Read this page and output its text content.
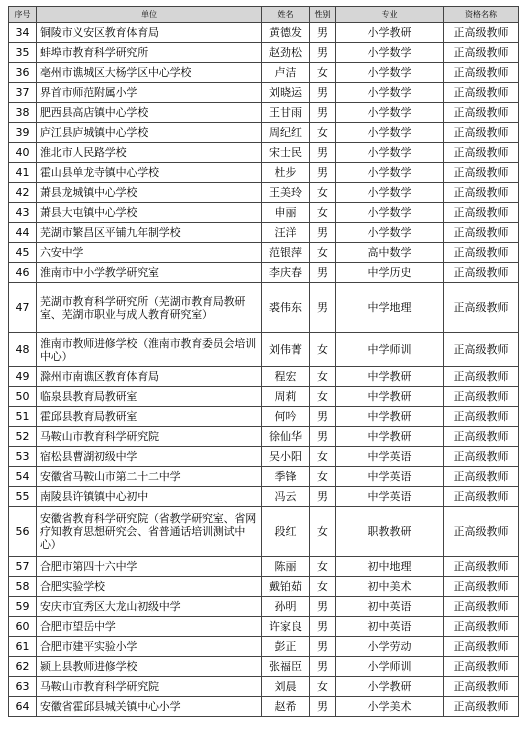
序号	单位	姓名	性别	专业	资格名称
34	铜陵市义安区教育体育局	黄德发	男	小学教研	正高级教师
35	蚌埠市教育科学研究所	赵劲松	男	小学数学	正高级教师
36	亳州市谯城区大杨学区中心学校	卢洁	女	小学数学	正高级教师
37	界首市师范附属小学	刘晓运	男	小学数学	正高级教师
38	肥西县高店镇中心学校	王甘雨	男	小学数学	正高级教师
39	庐江县庐城镇中心学校	周纪红	女	小学数学	正高级教师
40	淮北市人民路学校	宋士民	男	小学数学	正高级教师
41	霍山县单龙寺镇中心学校	杜步	男	小学数学	正高级教师
42	萧县龙城镇中心学校	王美玲	女	小学数学	正高级教师
43	萧县大屯镇中心学校	申丽	女	小学数学	正高级教师
44	芜湖市繁昌区平铺九年制学校	汪洋	男	小学数学	正高级教师
45	六安中学	范银萍	女	高中数学	正高级教师
46	淮南市中小学教学研究室	李庆春	男	中学历史	正高级教师
47	芜湖市教育科学研究所（芜湖市教育局教研室、芜湖市职业与成人教育研究室）	裘伟东	男	中学地理	正高级教师
48	淮南市教师进修学校（淮南市教育委员会培训中心）	刘伟菁	女	中学师训	正高级教师
49	滁州市南谯区教育体育局	程宏	女	中学教研	正高级教师
50	临泉县教育局教研室	周莉	女	中学教研	正高级教师
51	霍邱县教育局教研室	何吟	男	中学教研	正高级教师
52	马鞍山市教育科学研究院	徐仙华	男	中学教研	正高级教师
53	宿松县曹湖初级中学	吴小阳	女	中学英语	正高级教师
54	安徽省马鞍山市第二十二中学	季锋	女	中学英语	正高级教师
55	南陵县许镇镇中心初中	冯云	男	中学英语	正高级教师
56	安徽省教育科学研究院（省教学研究室、省网疗知教育思想研究会、省普通话培训测试中心）	段红	女	职教教研	正高级教师
57	合肥市第四十六中学	陈丽	女	初中地理	正高级教师
58	合肥实验学校	戴铂茹	女	初中美术	正高级教师
59	安庆市宜秀区大龙山初级中学	孙明	男	初中英语	正高级教师
60	合肥市望岳中学	许家良	男	初中英语	正高级教师
61	合肥市建平实验小学	彭正	男	小学劳动	正高级教师
62	颍上县教师进修学校	张福臣	男	小学师训	正高级教师
63	马鞍山市教育科学研究院	刘晨	女	小学教研	正高级教师
64	安徽省霍邱县城关镇中心小学	赵希	男	小学美术	正高级教师
